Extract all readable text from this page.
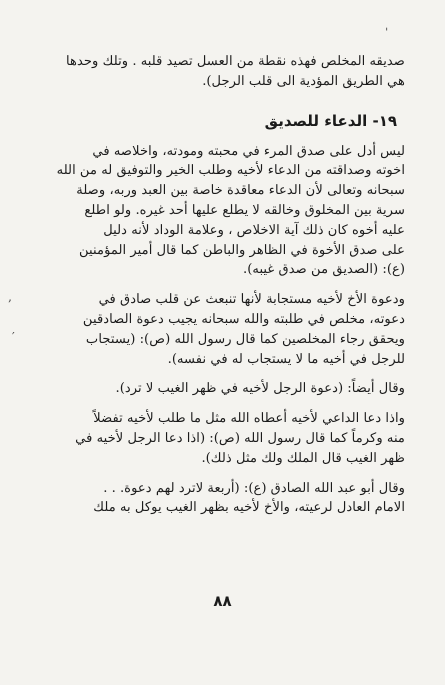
صديقه المخلص فهذه نقطة من العسل تصيد قلبه . وتلك وحدها

هي الطريق المؤدية الى قلب الرجل).

١٩- الدعاء للصديق

ليس أدل على صدق المرء في محبته ومودته، واخلاصه في

اخوته وصداقته من الدعاء لأخيه وطلب الخير والتوفيق له من الله

سبحانه وتعالى لأن الدعاء معاقدة خاصة بين العبد وربه، وصلة

سرية بين المخلوق وخالقه لا يطلع عليها أحد غيره. ولو اطلع

عليه أخوه كان ذلك آية الاخلاص ، وعلامة الوداد لأنه دليل

على صدق الأخوة في الظاهر والباطن كما قال أمير المؤمنين

(ع): (الصديق من صدق غيبه).

ودعوة الأخ لأخيه مستجابة لأنها تنبعث عن قلب صادق في

دعوته، مخلص في طلبته والله سبحانه يجيب دعوة الصادقين

ويحقق رجاء المخلصين كما قال رسول الله (ص): (يستجاب

للرجل في أخيه ما لا يستجاب له في نفسه).

وقال أيضاً: (دعوة الرجل لأخيه في ظهر الغيب لا ترد).

واذا دعا الداعي لأخيه أعطاه الله مثل ما طلب لأخيه تفضلاً

منه وكرماً كما قال رسول الله (ص): (اذا دعا الرجل لأخيه في

ظهر الغيب قال الملك ولك مثل ذلك).

وقال أبو عبد الله الصادق (ع): (أربعة لاترد لهم دعوة. . .

الامام العادل لرعيته، والأخ لأخيه بظهر الغيب يوكل به ملك

٨٨
‚
′
ˌ
